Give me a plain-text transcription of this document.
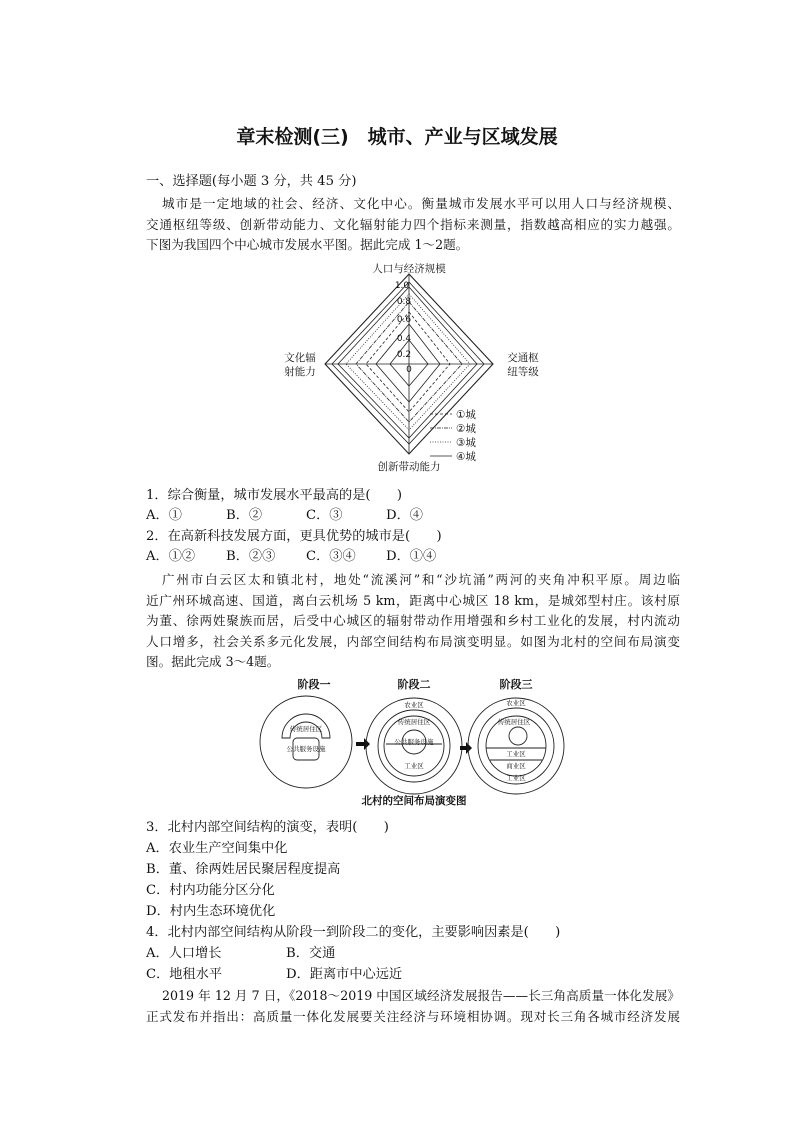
章末检测(三)　城市、产业与区域发展
一、选择题(每小题 3 分，共 45 分)

城市是一定地域的社会、经济、文化中心。衡量城市发展水平可以用人口与经济规模、

交通枢纽等级、创新带动能力、文化辐射能力四个指标来测量，指数越高相应的实力越强。

下图为我国四个中心城市发展水平图。据此完成 1～2题。

人口与经济规模
交通枢
纽等级
创新带动能力
文化辐
射能力
1.0
0.8
0.6
0.4
0.2
0
①城
②城
③城
④城
1．综合衡量，城市发展水平最高的是(　　)
A．①	B．②	C．③	D．④
2．在高新科技发展方面，更具优势的城市是(　　)
A．①② B．②③ C．③④ D．①④

广州市白云区太和镇北村，地处“流溪河”和“沙坑涌”两河的夹角冲积平原。周边临

近广州环城高速、国道，离白云机场 5 km，距离中心城区 18 km，是城郊型村庄。该村原

为董、徐两姓聚族而居，后受中心城区的辐射带动作用增强和乡村工业化的发展，村内流动

人口增多，社会关系多元化发展，内部空间结构布局演变明显。如图为北村的空间布局演变

图。据此完成 3～4题。

阶段一	阶段二	阶段三
传统居住区
公共服务设施
农业区
传统居住区
公共服务设施
工业区
农业区
传统居住区
工业区
商业区
工业区
北村的空间布局演变图
3．北村内部空间结构的演变，表明(　　)
A．农业生产空间集中化
B．董、徐两姓居民聚居程度提高
C．村内功能分区分化
D．村内生态环境优化
4．北村内部空间结构从阶段一到阶段二的变化，主要影响因素是(　　)
A．人口增长	B．交通
C．地租水平	D．距离市中心远近

2019 年 12 月 7 日，《2018～2019 中国区域经济发展报告——长三角高质量一体化发展》

正式发布并指出：高质量一体化发展要关注经济与环境相协调。现对长三角各城市经济发展
